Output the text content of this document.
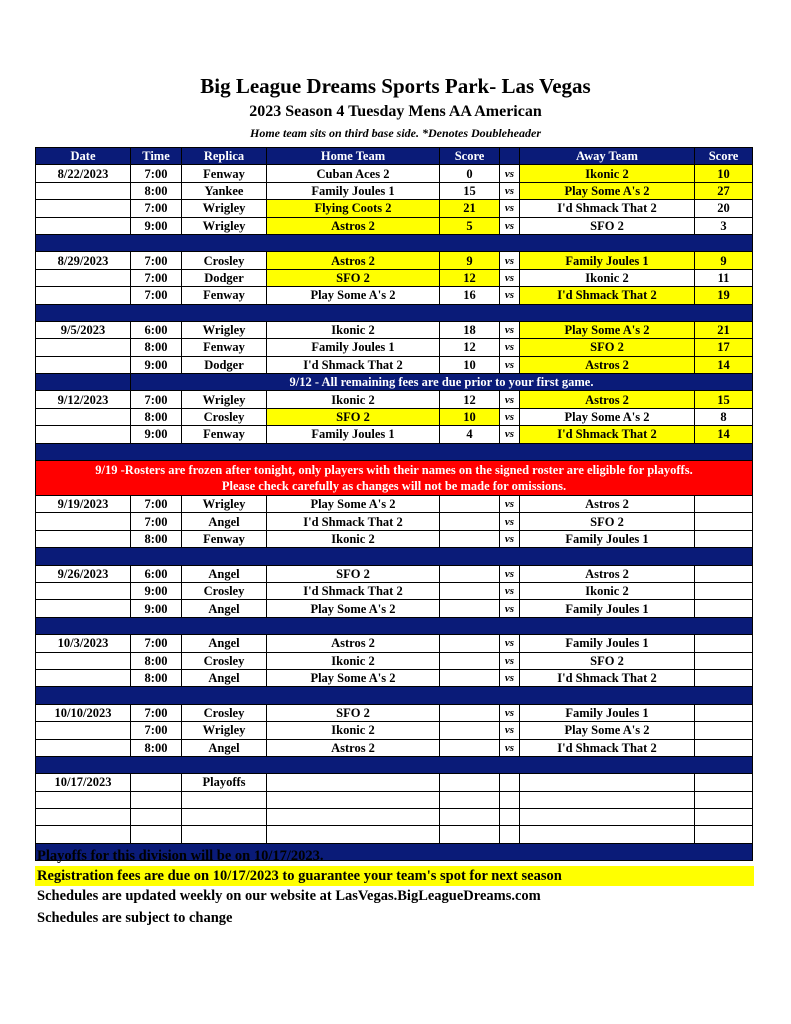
Big League Dreams Sports Park- Las Vegas
2023 Season 4 Tuesday Mens AA American
Home team sits on third base side. *Denotes Doubleheader
Date	Time	Replica	Home Team	Score		Away Team	Score
8/22/2023	7:00	Fenway	Cuban Aces 2	0	vs	Ikonic 2	10
	8:00	Yankee	Family Joules 1	15	vs	Play Some A's 2	27
	7:00	Wrigley	Flying Coots 2	21	vs	I'd Shmack That 2	20
	9:00	Wrigley	Astros 2	5	vs	SFO 2	3

8/29/2023	7:00	Crosley	Astros 2	9	vs	Family Joules 1	9
	7:00	Dodger	SFO 2	12	vs	Ikonic 2	11
	7:00	Fenway	Play Some A's 2	16	vs	I'd Shmack That 2	19

9/5/2023	6:00	Wrigley	Ikonic 2	18	vs	Play Some A's 2	21
	8:00	Fenway	Family Joules 1	12	vs	SFO 2	17
	9:00	Dodger	I'd Shmack That 2	10	vs	Astros 2	14
	9/12 - All remaining fees are due prior to your first game.						
9/12/2023	7:00	Wrigley	Ikonic 2	12	vs	Astros 2	15
	8:00	Crosley	SFO 2	10	vs	Play Some A's 2	8
	9:00	Fenway	Family Joules 1	4	vs	I'd Shmack That 2	14

9/19 -Rosters are frozen after tonight, only players with their names on the signed roster are eligible for playoffs.
Please check carefully as changes will not be made for omissions.							

9/19/2023	7:00	Wrigley	Play Some A's 2		vs	Astros 2	
	7:00	Angel	I'd Shmack That 2		vs	SFO 2	
	8:00	Fenway	Ikonic 2		vs	Family Joules 1	

9/26/2023	6:00	Angel	SFO 2		vs	Astros 2	
	9:00	Crosley	I'd Shmack That 2		vs	Ikonic 2	
	9:00	Angel	Play Some A's 2		vs	Family Joules 1	

10/3/2023	7:00	Angel	Astros 2		vs	Family Joules 1	
	8:00	Crosley	Ikonic 2		vs	SFO 2	
	8:00	Angel	Play Some A's 2		vs	I'd Shmack That 2	

10/10/2023	7:00	Crosley	SFO 2		vs	Family Joules 1	
	7:00	Wrigley	Ikonic 2		vs	Play Some A's 2	
	8:00	Angel	Astros 2		vs	I'd Shmack That 2	

10/17/2023		Playoffs					

Playoffs for this division will be on 10/17/2023.
Registration fees are due on 10/17/2023 to guarantee your team's spot for next season
Schedules are updated weekly on our website at LasVegas.BigLeagueDreams.com
Schedules are subject to change
